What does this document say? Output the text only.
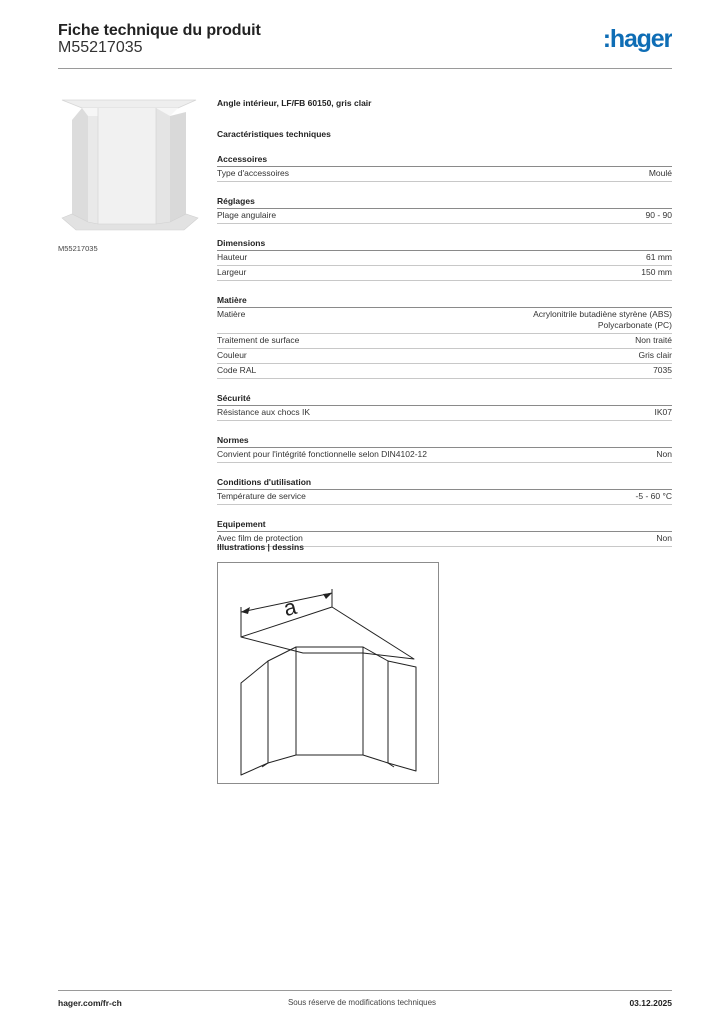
Fiche technique du produit
M55217035	:hager
M55217035
Angle intérieur, LF/FB 60150, gris clair
Caractéristiques techniques
Accessoires
Type d'accessoires	Moulé
Réglages
Plage angulaire	90 - 90
Dimensions
Hauteur	61 mm
Largeur	150 mm
Matière
Matière	Acrylonitrile butadiène styrène (ABS)
Polycarbonate (PC)
Traitement de surface	Non traité
Couleur	Gris clair
Code RAL	7035
Sécurité
Résistance aux chocs IK	IK07
Normes
Convient pour l'intégrité fonctionnelle selon DIN4102-12	Non
Conditions d'utilisation
Température de service	-5 - 60 °C
Equipement
Avec film de protection	Non
Illustrations | dessins
a
hager.com/fr-ch	Sous réserve de modifications techniques	03.12.2025
